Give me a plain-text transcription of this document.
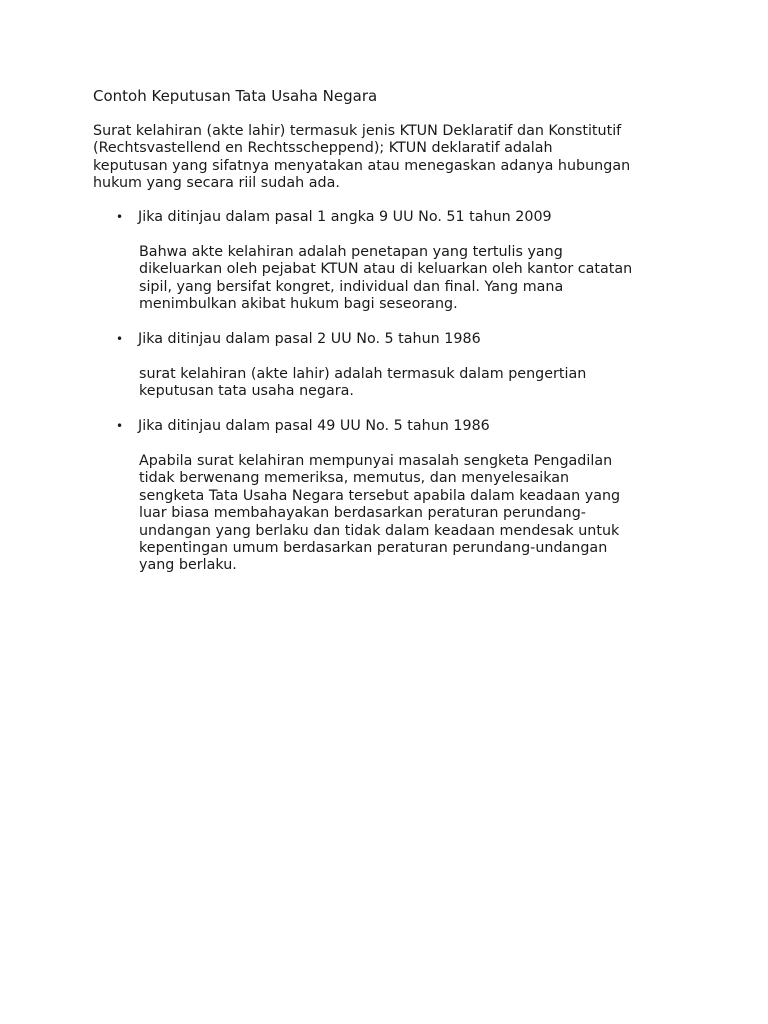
Contoh Keputusan Tata Usaha Negara
Surat kelahiran (akte lahir) termasuk jenis KTUN Deklaratif dan Konstitutif
(Rechtsvastellend en Rechtsscheppend); KTUN deklaratif adalah
keputusan yang sifatnya menyatakan atau menegaskan adanya hubungan
hukum yang secara riil sudah ada.
• Jika ditinjau dalam pasal 1 angka 9 UU No. 51 tahun 2009
Bahwa akte kelahiran adalah penetapan yang tertulis yang
dikeluarkan oleh pejabat KTUN atau di keluarkan oleh kantor catatan
sipil, yang bersifat kongret, individual dan final. Yang mana
menimbulkan akibat hukum bagi seseorang.
• Jika ditinjau dalam pasal 2 UU No. 5 tahun 1986
surat kelahiran (akte lahir) adalah termasuk dalam pengertian
keputusan tata usaha negara.
• Jika ditinjau dalam pasal 49 UU No. 5 tahun 1986
Apabila surat kelahiran mempunyai masalah sengketa Pengadilan
tidak berwenang memeriksa, memutus, dan menyelesaikan
sengketa Tata Usaha Negara tersebut apabila dalam keadaan yang
luar biasa membahayakan berdasarkan peraturan perundang-
undangan yang berlaku dan tidak dalam keadaan mendesak untuk
kepentingan umum berdasarkan peraturan perundang-undangan
yang berlaku.
